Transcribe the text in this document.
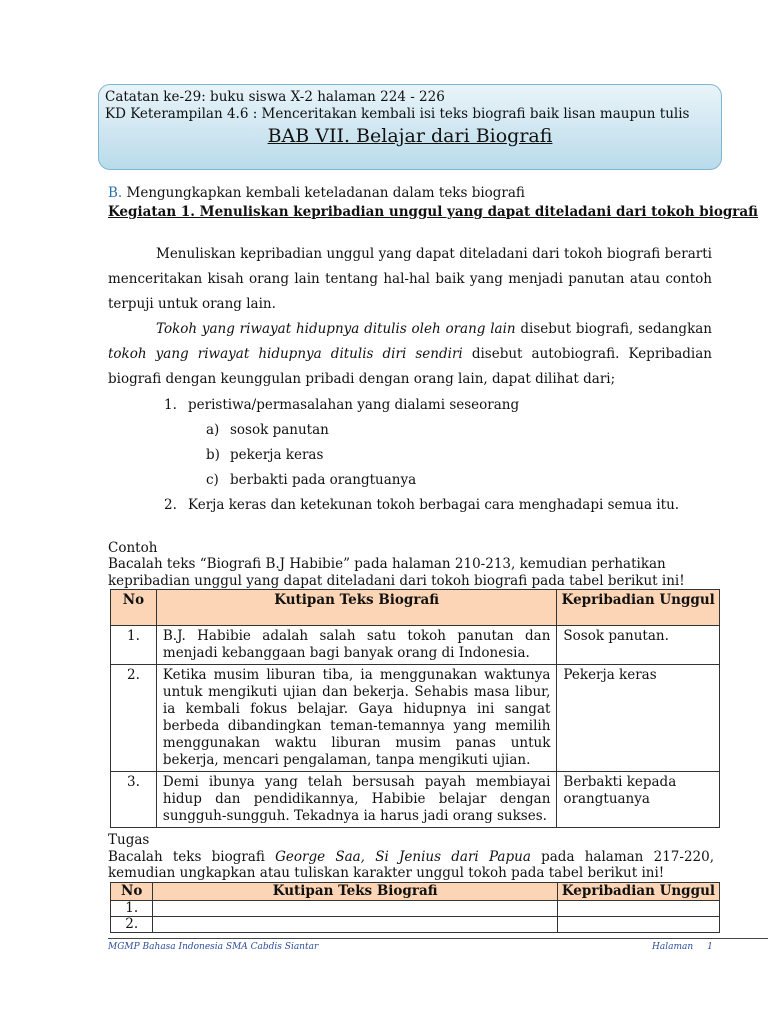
Catatan ke-29: buku siswa X-2 halaman 224 - 226
KD Keterampilan 4.6 : Menceritakan kembali isi teks biografi baik lisan maupun tulis
BAB VII. Belajar dari Biografi
B. Mengungkapkan kembali keteladanan dalam teks biografi
Kegiatan 1. Menuliskan kepribadian unggul yang dapat diteladani dari tokoh biografi

Menuliskan kepribadian unggul yang dapat diteladani dari tokoh biografi berarti menceritakan kisah orang lain tentang hal-hal baik yang menjadi panutan atau contoh terpuji untuk orang lain.

Tokoh yang riwayat hidupnya ditulis oleh orang lain disebut biografi, sedangkan tokoh yang riwayat hidupnya ditulis diri sendiri disebut autobiografi. Kepribadian biografi dengan keunggulan pribadi dengan orang lain, dapat dilihat dari;

1. peristiwa/permasalahan yang dialami seseorang
a) sosok panutan
b) pekerja keras
c) berbakti pada orangtuanya
2. Kerja keras dan ketekunan tokoh berbagai cara menghadapi semua itu.
Contoh
Bacalah teks “Biografi B.J Habibie” pada halaman 210-213, kemudian perhatikan kepribadian unggul yang dapat diteladani dari tokoh biografi pada tabel berikut ini!
No	Kutipan Teks Biografi	Kepribadian Unggul
1.	B.J. Habibie adalah salah satu tokoh panutan dan menjadi kebanggaan bagi banyak orang di Indonesia.	Sosok panutan.
2.	Ketika musim liburan tiba, ia menggunakan waktunya untuk mengikuti ujian dan bekerja. Sehabis masa libur, ia kembali fokus belajar. Gaya hidupnya ini sangat berbeda dibandingkan teman-temannya yang memilih menggunakan waktu liburan musim panas untuk bekerja, mencari pengalaman, tanpa mengikuti ujian.	Pekerja keras
3.	Demi ibunya yang telah bersusah payah membiayai hidup dan pendidikannya, Habibie belajar dengan sungguh-sungguh. Tekadnya ia harus jadi orang sukses.	Berbakti kepada orangtuanya
Tugas
Bacalah teks biografi George Saa, Si Jenius dari Papua pada halaman 217-220, kemudian ungkapkan atau tuliskan karakter unggul tokoh pada tabel berikut ini!
No	Kutipan Teks Biografi	Kepribadian Unggul
1.		
2.		
MGMP Bahasa Indonesia SMA Cabdis Siantar	Halaman 1
